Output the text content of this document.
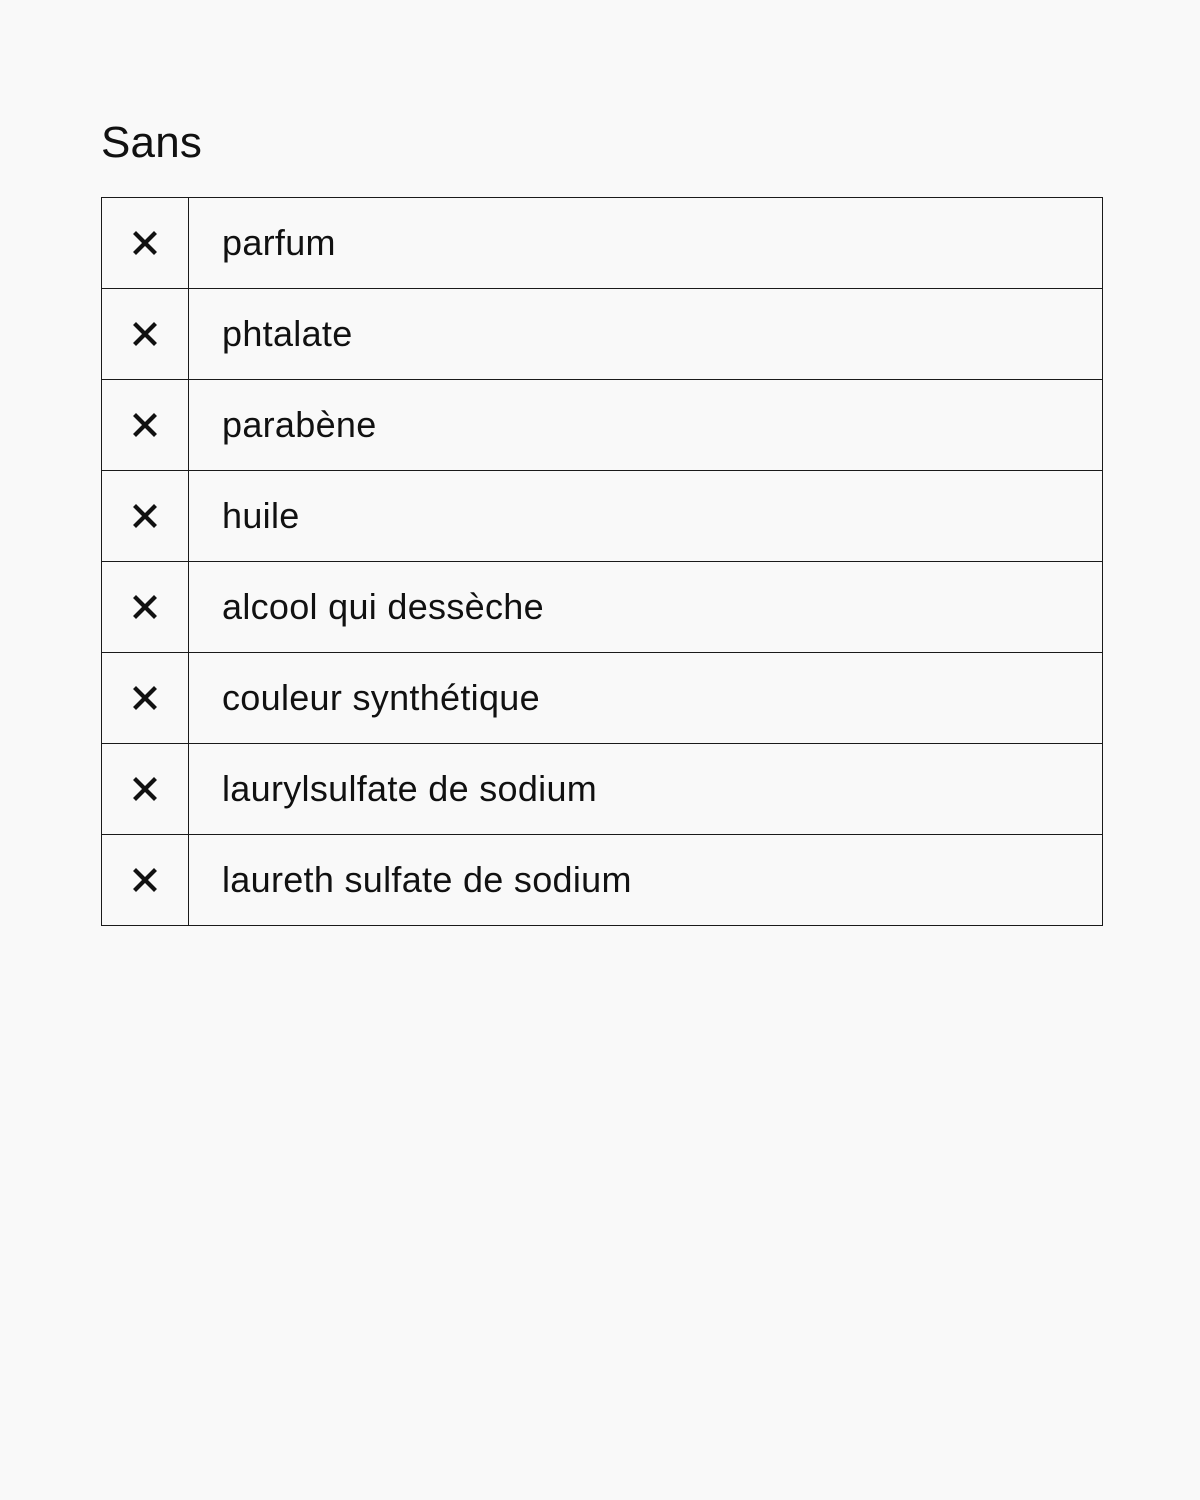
Sans
	parfum
	phtalate
	parabène
	huile
	alcool qui dessèche
	couleur synthétique
	laurylsulfate de sodium
	laureth sulfate de sodium
